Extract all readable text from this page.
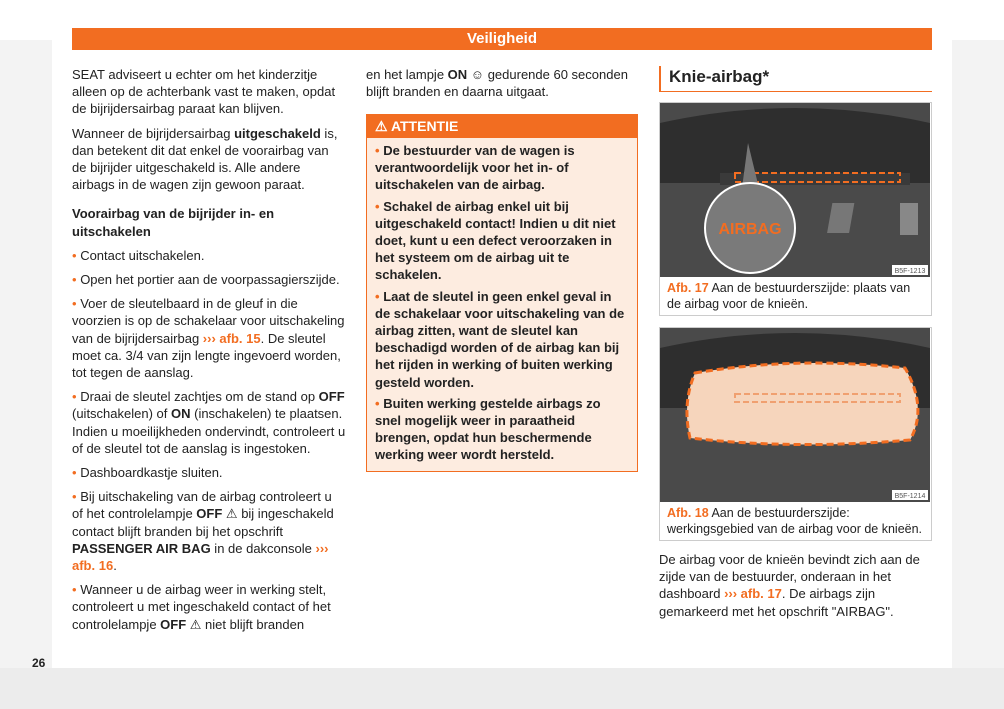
Veiligheid

SEAT adviseert u echter om het kinderzitje alleen op de achterbank vast te maken, opdat de bijrijdersairbag paraat kan blijven.

Wanneer de bijrijdersairbag uitgeschakeld is, dan betekent dit dat enkel de voorairbag van de bijrijder uitgeschakeld is. Alle andere airbags in de wagen zijn gewoon paraat.

Voorairbag van de bijrijder in- en uitschakelen

• Contact uitschakelen.

• Open het portier aan de voorpassagierszijde.

• Voer de sleutelbaard in de gleuf in die voorzien is op de schakelaar voor uitschakeling van de bijrijdersairbag ››› afb. 15. De sleutel moet ca. 3/4 van zijn lengte ingevoerd worden, tot tegen de aanslag.

• Draai de sleutel zachtjes om de stand op OFF (uitschakelen) of ON (inschakelen) te plaatsen. Indien u moeilijkheden ondervindt, controleert u of de sleutel tot de aanslag is ingestoken.

• Dashboardkastje sluiten.

• Bij uitschakeling van de airbag controleert u of het controlelampje OFF ⚠ bij ingeschakeld contact blijft branden bij het opschrift PASSENGER AIR BAG in de dakconsole ››› afb. 16.

• Wanneer u de airbag weer in werking stelt, controleert u met ingeschakeld contact of het controlelampje OFF ⚠ niet blijft branden

en het lampje ON ☺ gedurende 60 seconden blijft branden en daarna uitgaat.

⚠ ATTENTIE

• De bestuurder van de wagen is verantwoordelijk voor het in- of uitschakelen van de airbag.

• Schakel de airbag enkel uit bij uitgeschakeld contact! Indien u dit niet doet, kunt u een defect veroorzaken in het systeem om de airbag uit te schakelen.

• Laat de sleutel in geen enkel geval in de schakelaar voor uitschakeling van de airbag zitten, want de sleutel kan beschadigd worden of de airbag kan bij het rijden in werking of buiten werking gesteld worden.

• Buiten werking gestelde airbags zo snel mogelijk weer in paraatheid brengen, opdat hun beschermende werking weer wordt hersteld.

Knie-airbag*
AIRBAG
B5F-1213
Afb. 17 Aan de bestuurderszijde: plaats van de airbag voor de knieën.
B5F-1214
Afb. 18 Aan de bestuurderszijde: werkingsgebied van de airbag voor de knieën.

De airbag voor de knieën bevindt zich aan de zijde van de bestuurder, onderaan in het dashboard ››› afb. 17. De airbags zijn gemarkeerd met het opschrift "AIRBAG".

26
